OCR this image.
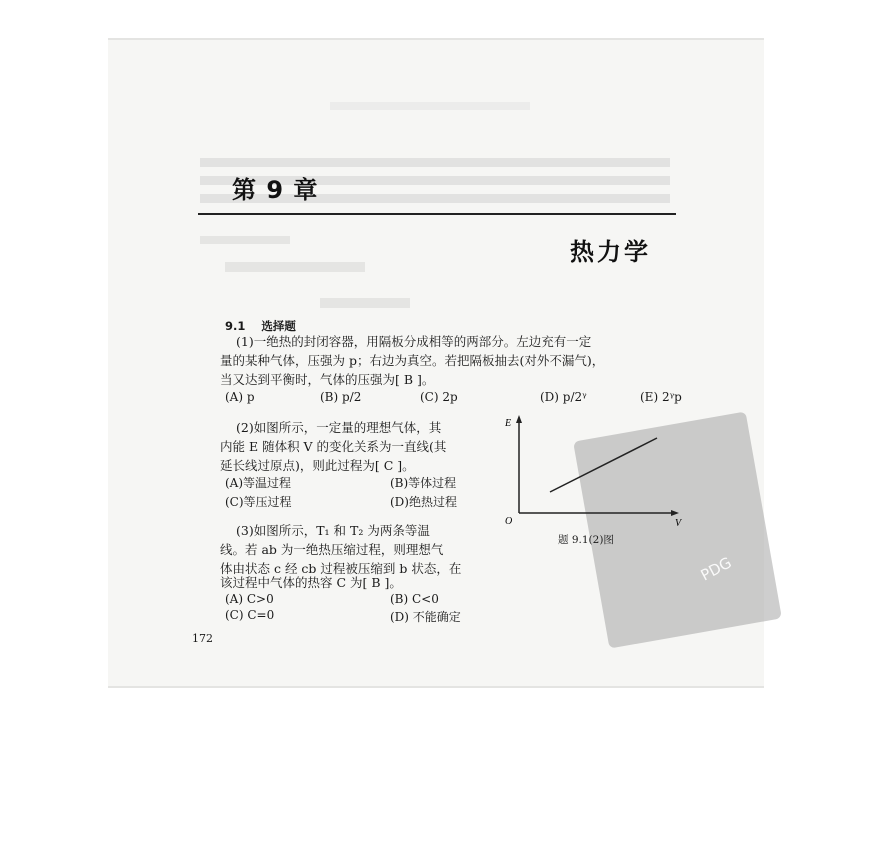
第 9 章
热力学
9.1 选择题
(1)一绝热的封闭容器，用隔板分成相等的两部分。左边充有一定
量的某种气体，压强为 p；右边为真空。若把隔板抽去(对外不漏气)，
当又达到平衡时，气体的压强为[ B ]。
(A) p	(B) p/2	(C) 2p	(D) p/2ᵞ	(E) 2ᵞp
(2)如图所示，一定量的理想气体，其
内能 E 随体积 V 的变化关系为一直线(其
延长线过原点)，则此过程为[ C ]。
(A)等温过程	(B)等体过程
(C)等压过程	(D)绝热过程
PDG
E
O	V
题 9.1(2)图
(3)如图所示，T₁ 和 T₂ 为两条等温
线。若 ab 为一绝热压缩过程，则理想气
体由状态 c 经 cb 过程被压缩到 b 状态，在
该过程中气体的热容 C 为[ B ]。
(A) C>0	(B) C<0
(C) C=0	(D) 不能确定
172
